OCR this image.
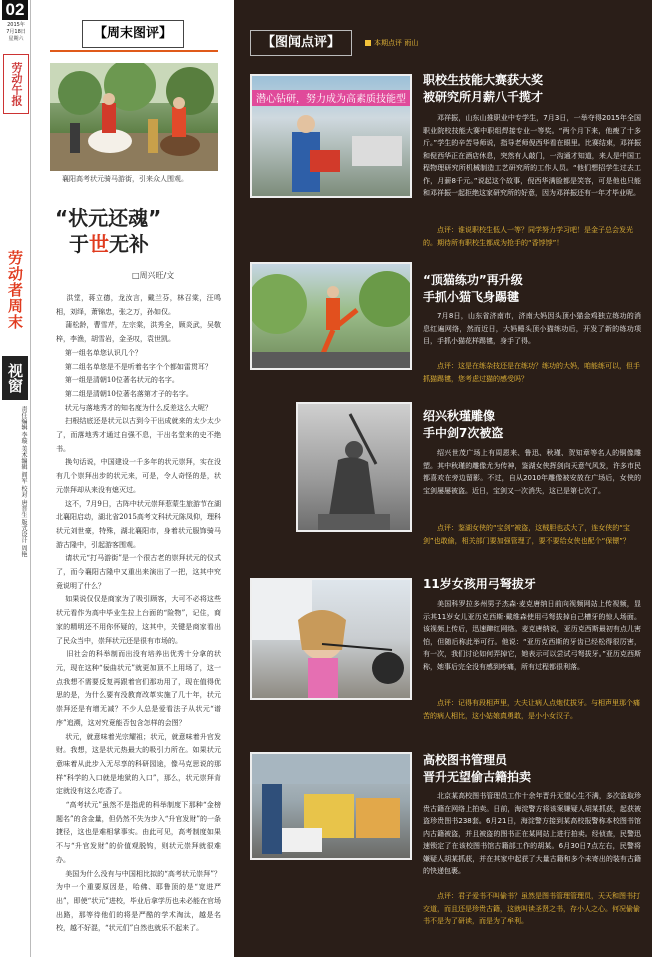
02
2015年
7月18日
星期六
劳动午报
劳动者周末
视窗
责任编辑 李璇 美术编辑 阎军 校对 唐晋生 版式设计 周艳
【周末图评】
襄阳高考状元骑马游街，引来众人围观。
“状元还魂”
于世无补
□周兴旺/文
洪堂，蒋立德，龙汝言，戴兰芬，林召棠，汪鸣相，刘绎，萧锦忠，张之万，孙如仅。
蒲松龄，曹雪芹，左宗棠，洪秀全，顾炎武，吴敬梓，李渔，胡雪岩，金圣叹，袁世凯。
第一组名单您认识几个？
第二组名单您是不是听着名字个个都如雷贯耳？
第一组是清朝10位著名状元的名字。
第二组是清朝10位著名落第才子的名字。
状元与落地秀才的知名度为什么反差这么大呢？
扫根结底还是状元以古到今干出成就来的太少太少了，而落地秀才通过自强不息，干出名堂来的史不绝书。
换句话说，中国建设一千多年的状元崇拜，实在没有几个崇拜出步的状元来，可是，令人奇怪的是，状元崇拜却从来没有熄灭过。
这不，7月9日，古阵中状元崇拜惹蒙生旅游节在湖北襄阳启动，湖北省2015高考文科状元陈凤仰，理科状元刘世豪，特殊，湖北襄阳市，身着状元服饰骑马游古隆中，引起游客围观。
请状元“打马游街”是一个很古老的崇拜状元的仪式了，而今襄阳古隆中又重出来演出了一把，这其中究竟说明了什么？
如果说仅仅是商家为了吸引顾客，大可不必将这些状元看作为高中毕业生拉上台面的“险物”，记住，商家的精明还不用你怀疑的，这其中，关键是商家看出了民众当中，崇拜状元还是很有市场的。
旧社会的科举制而出没有培养出优秀十分拿的状元，现在这种“佞曲状元”就更加顶不上用场了，这一点我想不需要反复再跟着官们那功用了，现在值得优思的是，为什么要有没教育改革实施了几十年，状元崇拜还是有增无减？不少人总是爱看法子从状元“谱序”追溯，这对究竟能否包含怎样的会图？
状元，就意味着光宗耀祖；状元，就意味着升官发财。我想，这是状元热最大的吸引力所在。如果状元意味着从此步入无尽享的科研园途，像马克思说的那样“科学的入口就是地狱的入口”，那么，状元崇拜肯定就没有这么吃香了。
“高考状元”虽然不是指虎的科举制度下那种“金榜题名”的含金量，但仍然不失为步入“升官发财”的一条捷径，这也是难相掌事实。由此可见，高考制度如果不与“升官发财”的价值观脱钩，则状元崇拜就很难办。
美国为什么没有与中国相比拟的“高考状元崇拜”？为中一个重要原因是，哈佛、耶鲁顶的是“宽进严出”，即使“状元”进校，毕业后拿学历也未必能在官场出路，那等待他们的将是严酷的学术淘汰，越是名校，越不好混，“状元们”自然也就乐不起来了。
【图闻点评】	本期点评 雨山
潜心钻研，努力成为高素质技能型
职校生技能大赛获大奖
被研究所月薪八千揽才
邓祥振，山东山推职业中专学生，7月3日，一举夺得2015年全国职业院校技能大赛中职组焊接专业一等奖。“两个月下来，他瘦了十多斤。”学生的辛苦导师说，指导老师倪西华看在眼里。比赛结束，邓祥振和倪西华正在酒店休息，突然有人敲门，一沟通才知道，来人是中国工程物理研究所机械制造工艺研究所的工作人员。“他们想招学生过去工作，月薪8千元。”说起这个故事，倪西华满脸都是笑容，可是他也只能和邓祥振一起拒绝这家研究所的好意，因为邓祥振还有一年才毕业呢。
点评：谁说职校生低人一等？同学努力学习吧！是金子总会发光的。期待所有职校生都成为抢手的“香饽饽”！
“顶猫练功”再升级
手抓小猫飞身踢毽
7月8日，山东省济南市，济南大妈因头顶小猫金鸡独立练功的消息红遍网络，然而近日，大妈睡头顶小猫练功后，开发了新的练功项目，手抓小猫花样踢毽，身手了得。
点评：这是在练杂技还是在练功？练功的大妈，咱能练可以，但手抓猫踢毽，您考虑过猫的感受吗？
绍兴秋瑾雕像
手中剑7次被盗
绍兴世茂广场上有周恩来、鲁迅、秋瑾、贺知章等名人的铜像雕塑。其中秋瑾的雕像尤为传神，鉴湖女侠挥剑向天意气风发，许多市民都喜欢在旁边留影。不过，自从2010年雕像被安放在广场后，女侠的宝剑屡屡被盗。近日，宝剑又一次消失，这已是第七次了。
点评：鉴湖女侠的“宝剑”被盗，这贼胆也忒大了，连女侠的“宝剑”也敢偷，相关部门要加强管理了，要不要给女侠也配个“保镖”？
11岁女孩用弓弩拔牙
美国科罗拉多州男子杰森·麦克唐纳日前向视频网站上传视频，显示其11岁女儿亚历克西斯·戴维森使用弓弩拔掉自己槽牙的惊人场面。该视频上传后，迅速蹿红网络。麦克唐纳说，亚历克西斯最初有点儿害怕，但随后称此举可行。他说：“亚历克西斯的牙齿已经松得很厉害，有一次，我们讨论如何弄掉它，她表示可以尝试弓弩拔牙。”亚历克西斯称，她事后完全没有感到疼痛，所有过程都很利落。
点评：记得有段相声里，大夫让病人点炮仗拔牙。与相声里那个痛苦的病人相比，这小姑娘真勇敢，是小小女汉子。
高校图书管理员
晋升无望偷古籍拍卖
北京某高校图书管理员工作十余年晋升无望心生不满，多次盗取珍贵古籍在网络上拍卖。日前，海淀警方将该案嫌疑人胡某抓获，起获被盗珍贵图书238套。6月21日，海淀警方接到某高校报警称本校图书馆内古籍被盗，并且被盗的图书正在某网站上进行拍卖。经侦查，民警迅速锁定了在该校图书馆古籍部工作的胡某。6月30日7点左右，民警将嫌疑人胡某抓获，并在其家中起获了大量古籍和多个未寄出的装有古籍的快递包裹。
点评：君子爱书不叫偷书？虽然是图书管理管理员，天天和图书打交道，而且还是珍贵古籍，这就叫读圣贤之书，存小人之心。何况偷偷书不是为了研读，而是为了牟利。
